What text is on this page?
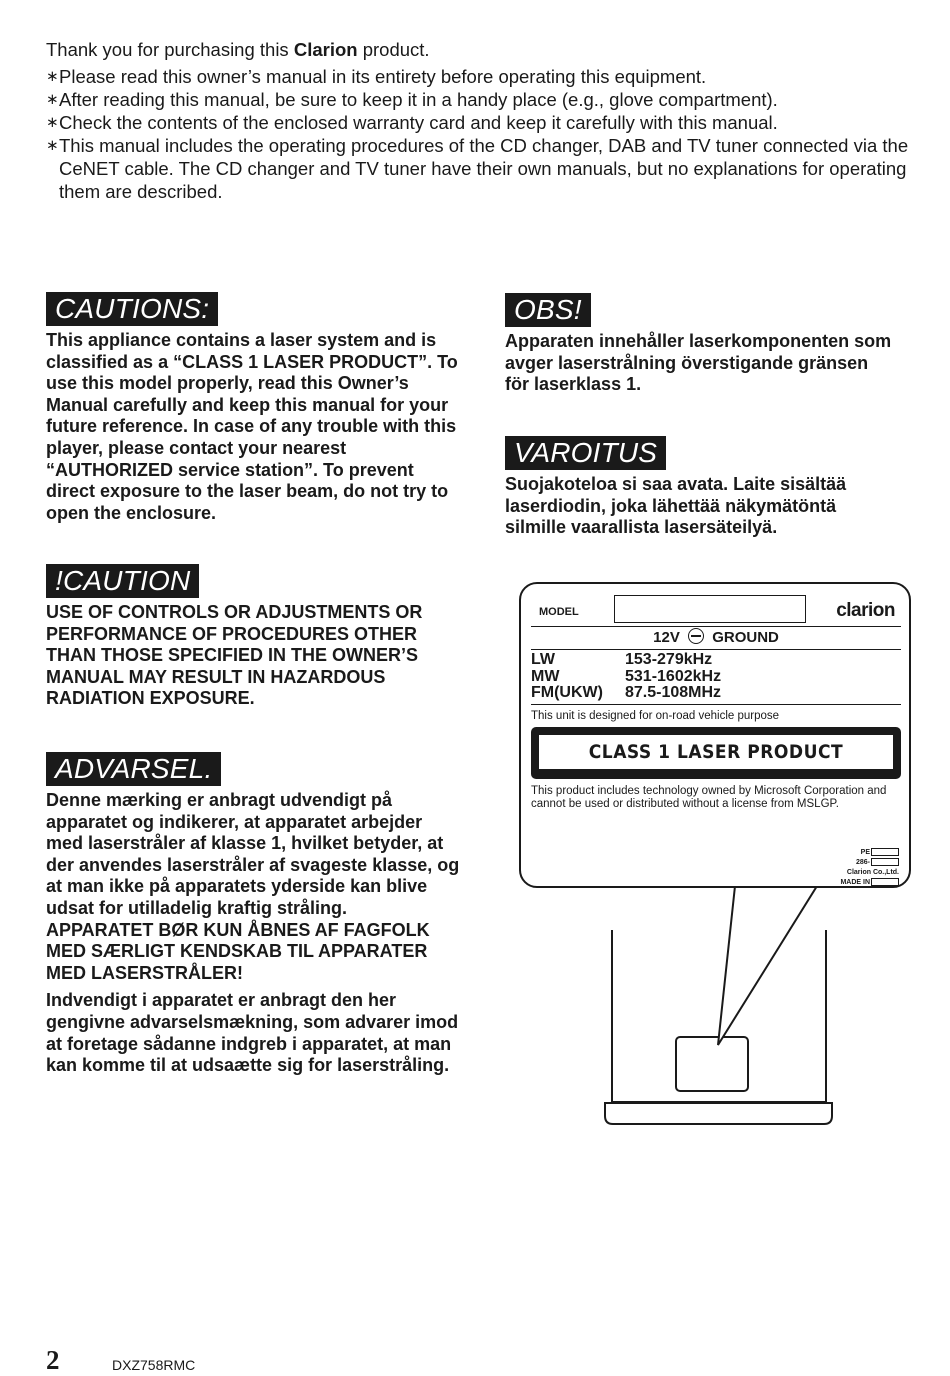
Thank you for purchasing this Clarion product.

∗ Please read this owner’s manual in its entirety before operating this equipment.
∗ After reading this manual, be sure to keep it in a handy place (e.g., glove compartment).
∗ Check the contents of the enclosed warranty card and keep it carefully with this manual.
∗ This manual includes the operating procedures of the CD changer, DAB and TV tuner connected via the CeNET cable. The CD changer and TV tuner have their own manuals, but no explanations for operating them are described.
CAUTIONS:

This appliance contains a laser system and is classified as a “CLASS 1 LASER PRODUCT”. To use this model properly, read this Owner’s Manual carefully and keep this manual for your future reference. In case of any trouble with this player, please contact your nearest “AUTHORIZED service station”. To prevent direct exposure to the laser beam, do not try to open the enclosure.

!CAUTION

USE OF CONTROLS OR ADJUSTMENTS OR PERFORMANCE OF PROCEDURES OTHER THAN THOSE SPECIFIED IN THE OWNER’S MANUAL MAY RESULT IN HAZARDOUS RADIATION EXPOSURE.

ADVARSEL.

Denne mærking er anbragt udvendigt på apparatet og indikerer, at apparatet arbejder med laserstråler af klasse 1, hvilket betyder, at der anvendes laserstråler af svageste klasse, og at man ikke på apparatets yderside kan blive udsat for utilladelig kraftig stråling.

APPARATET BØR KUN ÅBNES AF FAGFOLK MED SÆRLIGT KENDSKAB TIL APPARATER MED LASERSTRÅLER!

Indvendigt i apparatet er anbragt den her gengivne advarselsmækning, som advarer imod at foretage sådanne indgreb i apparatet, at man kan komme til at udsaætte sig for laserstråling.

OBS!

Apparaten innehåller laserkomponenten som avger laserstrålning överstigande gränsen för laserklass 1.

VAROITUS

Suojakoteloa si saa avata. Laite sisältää laserdiodin, joka lähettää näkymätöntä silmille vaarallista lasersäteilyä.

MODEL	clarion
12V GROUND
LW	153-279kHz
MW	531-1602kHz
FM(UKW)	87.5-108MHz
This unit is designed for on-road vehicle purpose
CLASS 1 LASER PRODUCT
This product includes technology owned by Microsoft Corporation and cannot be used or distributed without a license from MSLGP.
PE
286-
Clarion Co.,Ltd.
MADE IN
2	DXZ758RMC
